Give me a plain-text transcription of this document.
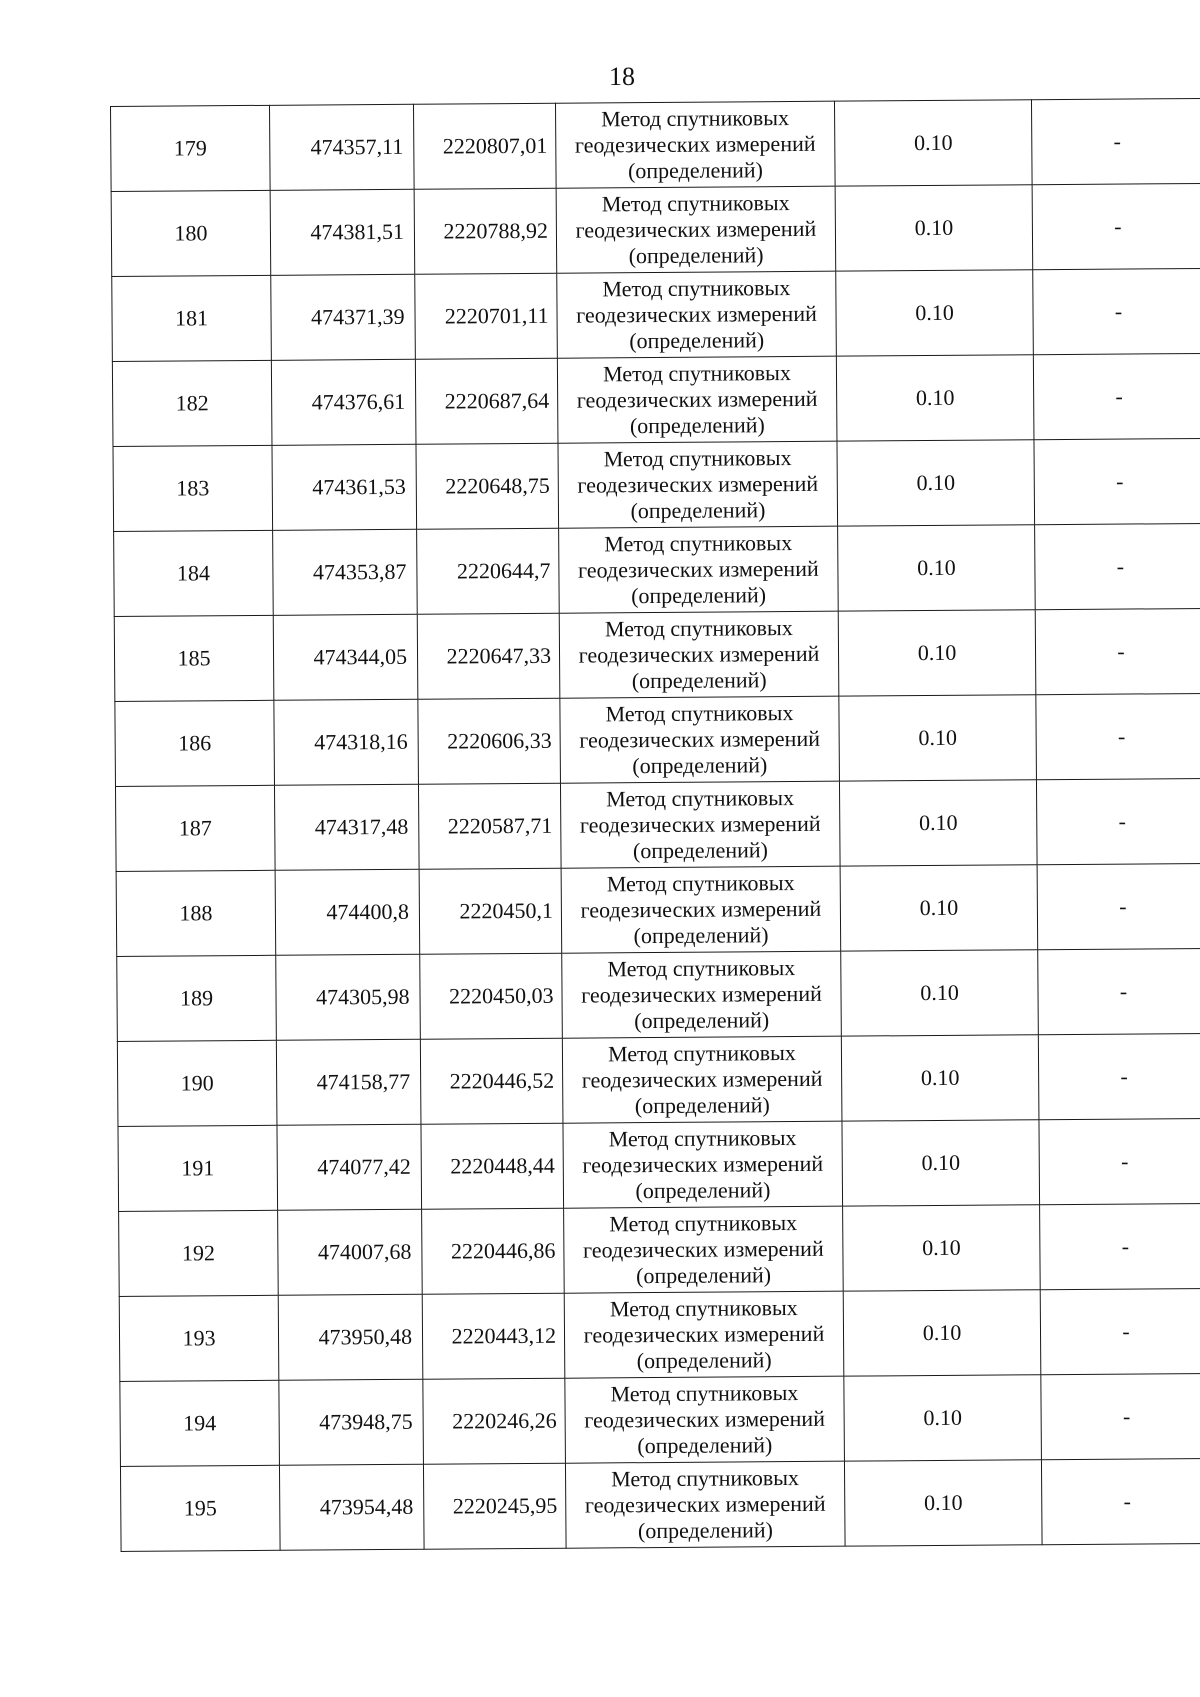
18
179	474357,11	2220807,01	Метод спутниковых
геодезических измерений
(определений)	0.10	-
180	474381,51	2220788,92	Метод спутниковых
геодезических измерений
(определений)	0.10	-
181	474371,39	2220701,11	Метод спутниковых
геодезических измерений
(определений)	0.10	-
182	474376,61	2220687,64	Метод спутниковых
геодезических измерений
(определений)	0.10	-
183	474361,53	2220648,75	Метод спутниковых
геодезических измерений
(определений)	0.10	-
184	474353,87	2220644,7	Метод спутниковых
геодезических измерений
(определений)	0.10	-
185	474344,05	2220647,33	Метод спутниковых
геодезических измерений
(определений)	0.10	-
186	474318,16	2220606,33	Метод спутниковых
геодезических измерений
(определений)	0.10	-
187	474317,48	2220587,71	Метод спутниковых
геодезических измерений
(определений)	0.10	-
188	474400,8	2220450,1	Метод спутниковых
геодезических измерений
(определений)	0.10	-
189	474305,98	2220450,03	Метод спутниковых
геодезических измерений
(определений)	0.10	-
190	474158,77	2220446,52	Метод спутниковых
геодезических измерений
(определений)	0.10	-
191	474077,42	2220448,44	Метод спутниковых
геодезических измерений
(определений)	0.10	-
192	474007,68	2220446,86	Метод спутниковых
геодезических измерений
(определений)	0.10	-
193	473950,48	2220443,12	Метод спутниковых
геодезических измерений
(определений)	0.10	-
194	473948,75	2220246,26	Метод спутниковых
геодезических измерений
(определений)	0.10	-
195	473954,48	2220245,95	Метод спутниковых
геодезических измерений
(определений)	0.10	-
